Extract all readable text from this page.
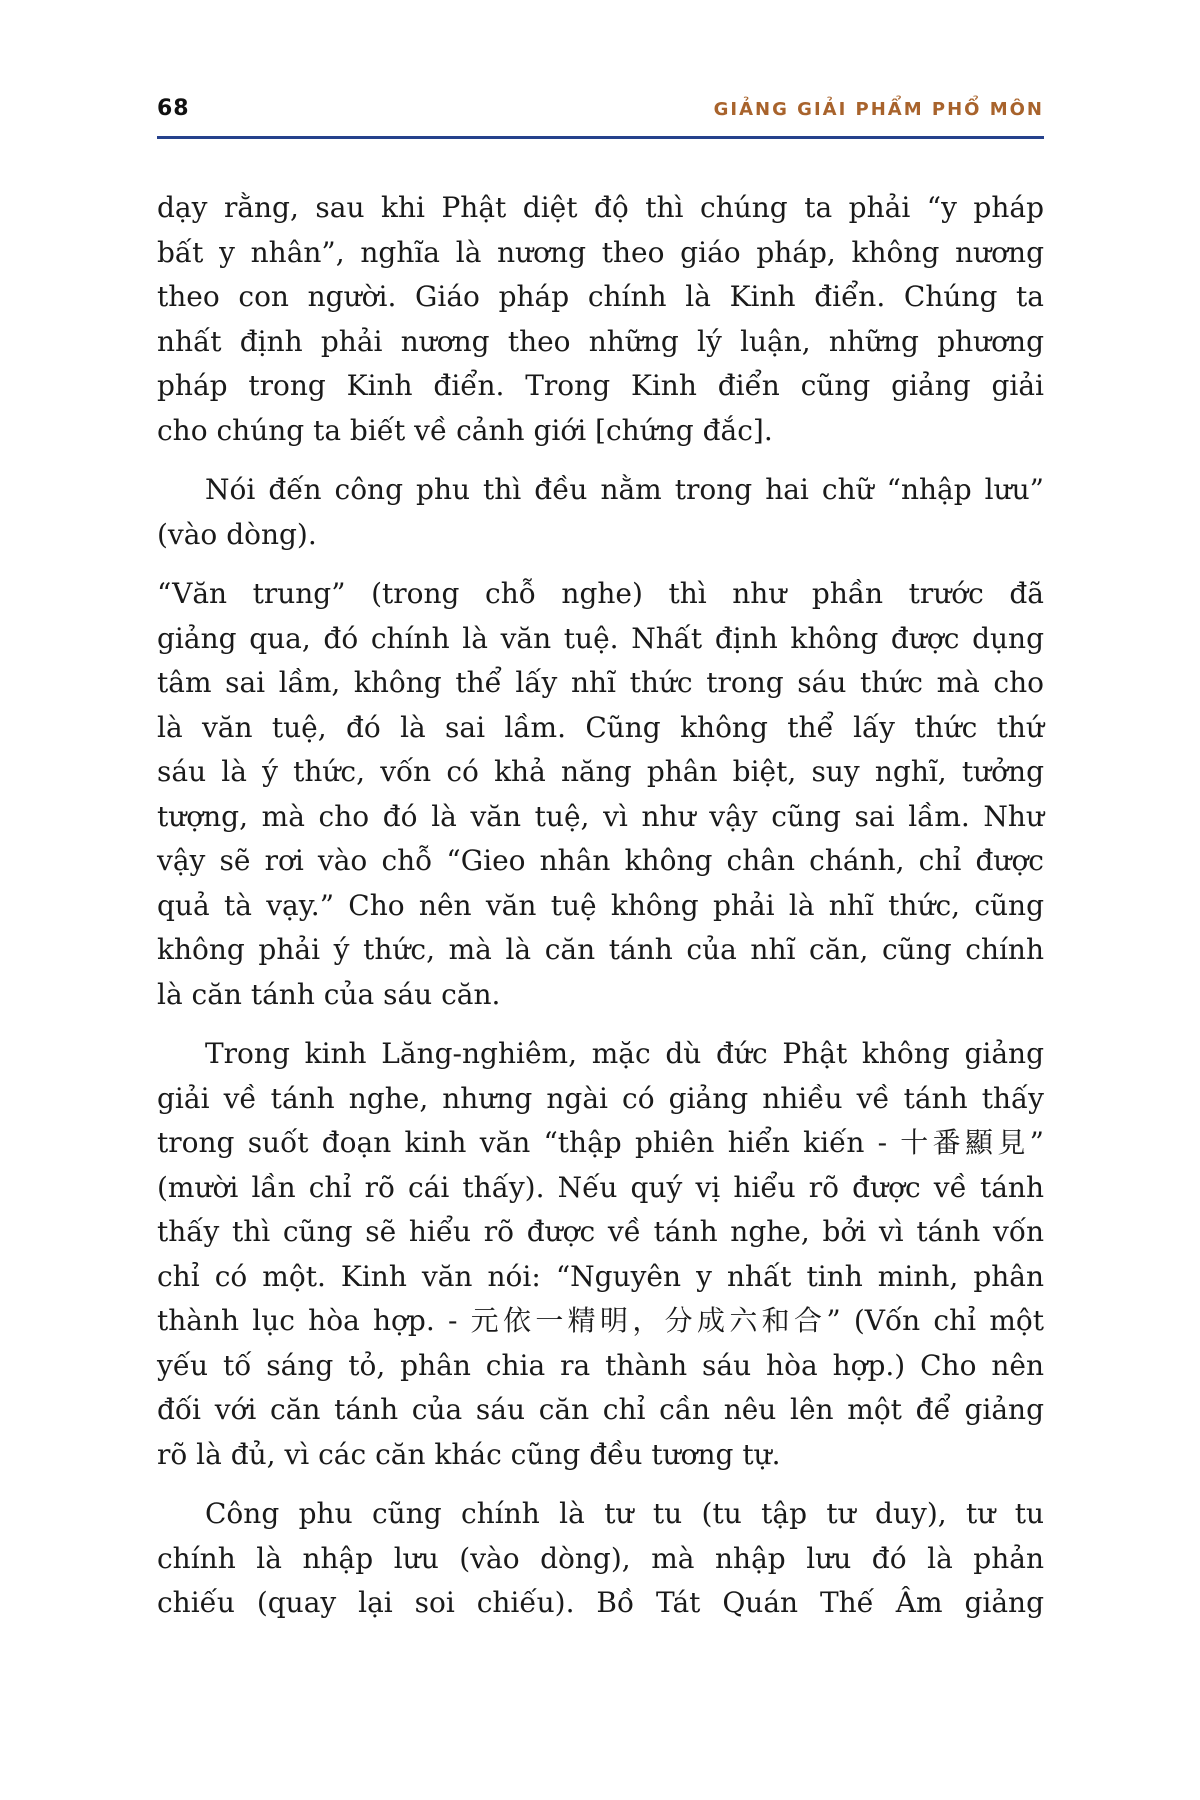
68	GIẢNG GIẢI PHẨM PHỔ MÔN

dạy rằng, sau khi Phật diệt độ thì chúng ta phải “y pháp
bất y nhân”, nghĩa là nương theo giáo pháp, không nương
theo con người. Giáo pháp chính là Kinh điển. Chúng ta
nhất định phải nương theo những lý luận, những phương
pháp trong Kinh điển. Trong Kinh điển cũng giảng giải
cho chúng ta biết về cảnh giới [chứng đắc].

Nói đến công phu thì đều nằm trong hai chữ “nhập lưu”
(vào dòng).

“Văn trung” (trong chỗ nghe) thì như phần trước đã
giảng qua, đó chính là văn tuệ. Nhất định không được dụng
tâm sai lầm, không thể lấy nhĩ thức trong sáu thức mà cho
là văn tuệ, đó là sai lầm. Cũng không thể lấy thức thứ
sáu là ý thức, vốn có khả năng phân biệt, suy nghĩ, tưởng
tượng, mà cho đó là văn tuệ, vì như vậy cũng sai lầm. Như
vậy sẽ rơi vào chỗ “Gieo nhân không chân chánh, chỉ được
quả tà vạy.” Cho nên văn tuệ không phải là nhĩ thức, cũng
không phải ý thức, mà là căn tánh của nhĩ căn, cũng chính
là căn tánh của sáu căn.

Trong kinh Lăng-nghiêm, mặc dù đức Phật không giảng
giải về tánh nghe, nhưng ngài có giảng nhiều về tánh thấy
trong suốt đoạn kinh văn “thập phiên hiển kiến - 十番顯見”
(mười lần chỉ rõ cái thấy). Nếu quý vị hiểu rõ được về tánh
thấy thì cũng sẽ hiểu rõ được về tánh nghe, bởi vì tánh vốn
chỉ có một. Kinh văn nói: “Nguyên y nhất tinh minh, phân
thành lục hòa hợp. - 元依一精明，分成六和合” (Vốn chỉ một
yếu tố sáng tỏ, phân chia ra thành sáu hòa hợp.) Cho nên
đối với căn tánh của sáu căn chỉ cần nêu lên một để giảng
rõ là đủ, vì các căn khác cũng đều tương tự.

Công phu cũng chính là tư tu (tu tập tư duy), tư tu
chính là nhập lưu (vào dòng), mà nhập lưu đó là phản
chiếu (quay lại soi chiếu). Bồ Tát Quán Thế Âm giảng
